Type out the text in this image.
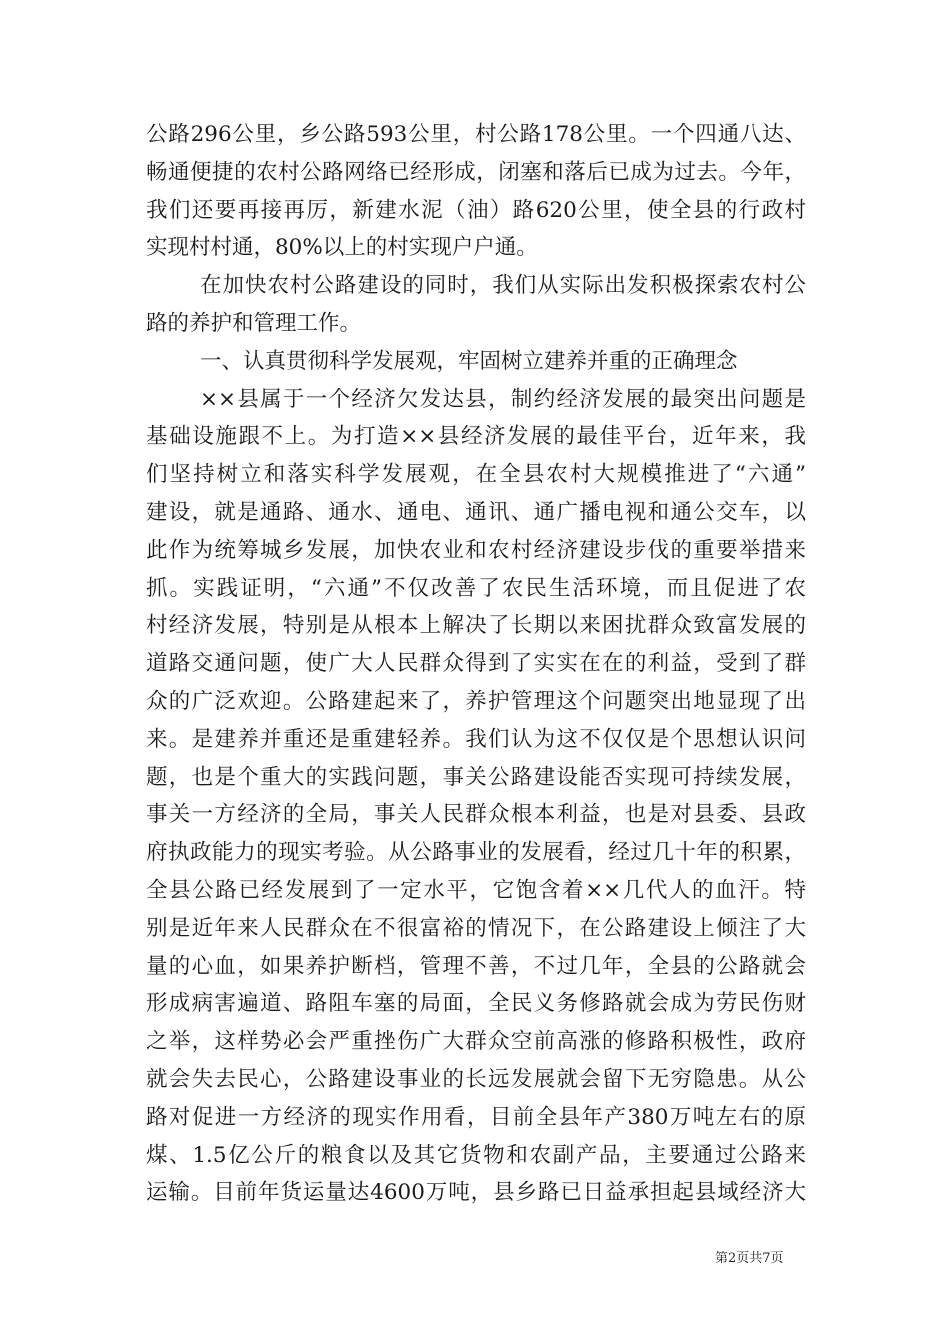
公路296公里，乡公路593公里，村公路178公里。一个四通八达、
畅通便捷的农村公路网络已经形成，闭塞和落后已成为过去。今年，
我们还要再接再厉，新建水泥（油）路620公里，使全县的行政村
实现村村通，80%以上的村实现户户通。
在加快农村公路建设的同时，我们从实际出发积极探索农村公
路的养护和管理工作。
一、认真贯彻科学发展观，牢固树立建养并重的正确理念
××县属于一个经济欠发达县，制约经济发展的最突出问题是
基础设施跟不上。为打造××县经济发展的最佳平台，近年来，我
们坚持树立和落实科学发展观，在全县农村大规模推进了“六通”
建设，就是通路、通水、通电、通讯、通广播电视和通公交车，以
此作为统筹城乡发展，加快农业和农村经济建设步伐的重要举措来
抓。实践证明，“六通”不仅改善了农民生活环境，而且促进了农
村经济发展，特别是从根本上解决了长期以来困扰群众致富发展的
道路交通问题，使广大人民群众得到了实实在在的利益，受到了群
众的广泛欢迎。公路建起来了，养护管理这个问题突出地显现了出
来。是建养并重还是重建轻养。我们认为这不仅仅是个思想认识问
题，也是个重大的实践问题，事关公路建设能否实现可持续发展，
事关一方经济的全局，事关人民群众根本利益，也是对县委、县政
府执政能力的现实考验。从公路事业的发展看，经过几十年的积累，
全县公路已经发展到了一定水平，它饱含着××几代人的血汗。特
别是近年来人民群众在不很富裕的情况下，在公路建设上倾注了大
量的心血，如果养护断档，管理不善，不过几年，全县的公路就会
形成病害遍道、路阻车塞的局面，全民义务修路就会成为劳民伤财
之举，这样势必会严重挫伤广大群众空前高涨的修路积极性，政府
就会失去民心，公路建设事业的长远发展就会留下无穷隐患。从公
路对促进一方经济的现实作用看，目前全县年产380万吨左右的原
煤、1.5亿公斤的粮食以及其它货物和农副产品，主要通过公路来
运输。目前年货运量达4600万吨，县乡路已日益承担起县域经济大
第2页共7页
